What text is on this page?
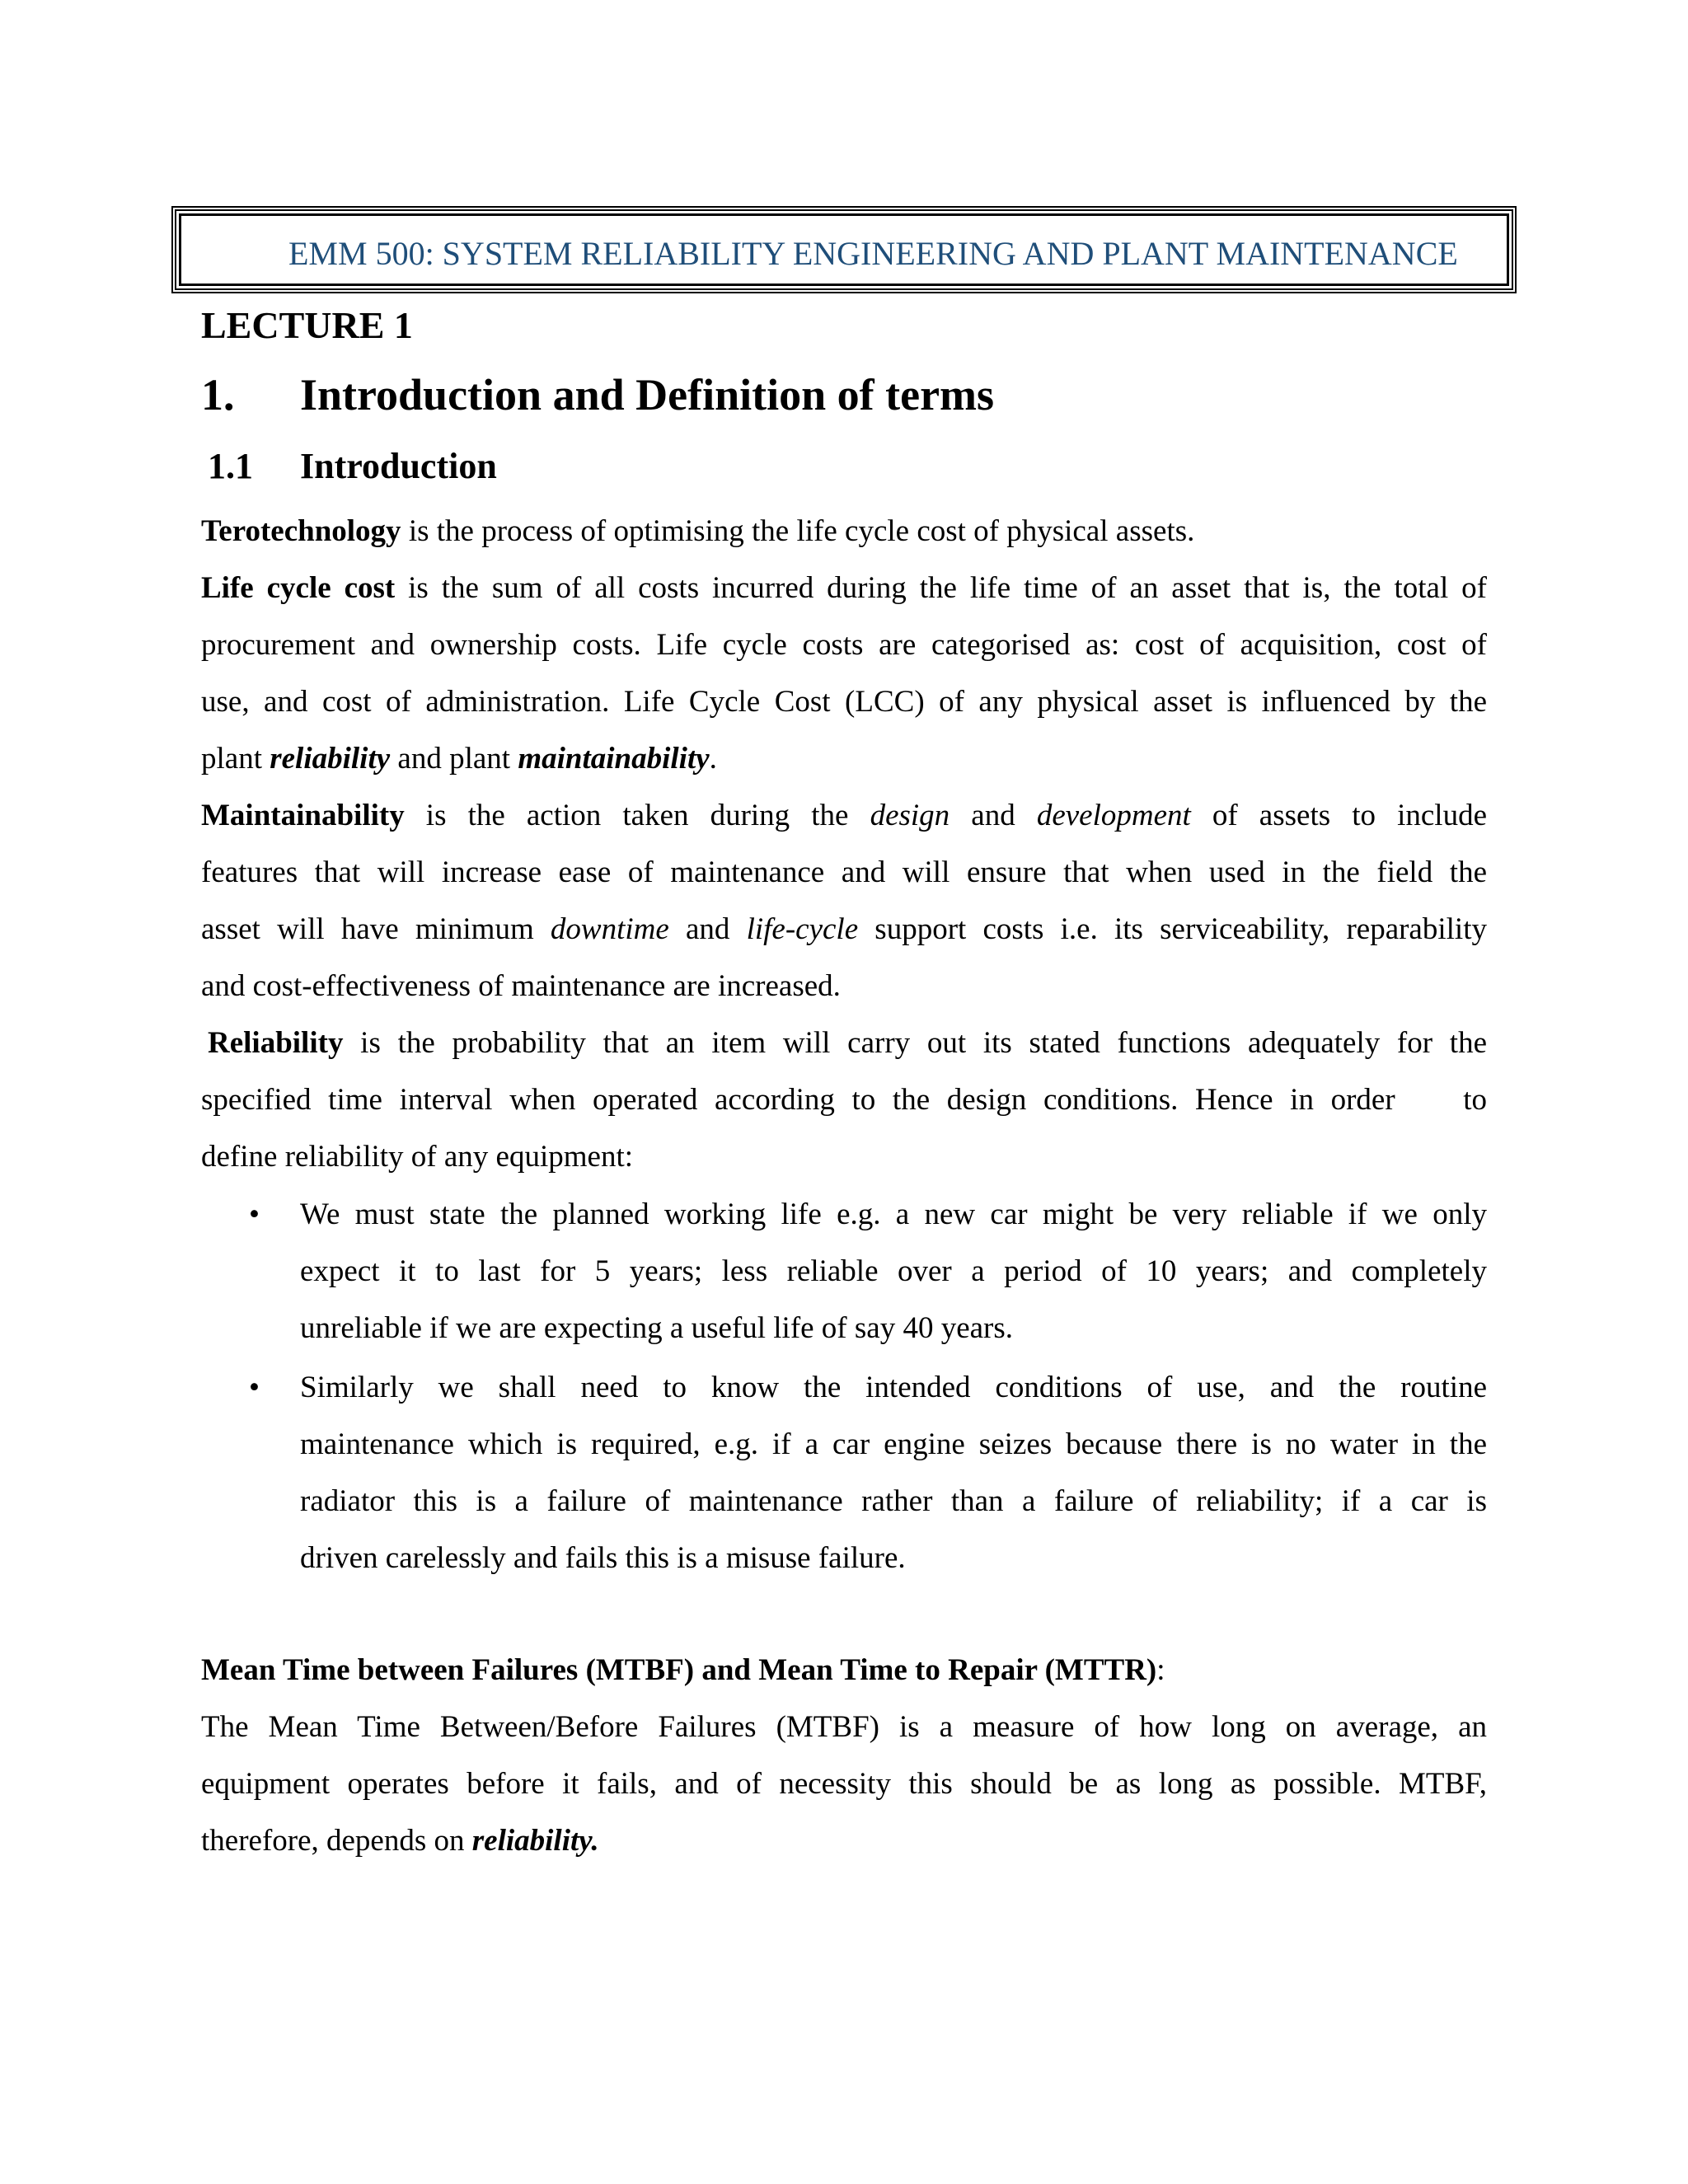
EMM 500: SYSTEM RELIABILITY ENGINEERING AND PLANT MAINTENANCE
LECTURE 1
1. Introduction and Definition of terms
1.1 Introduction
Terotechnology is the process of optimising the life cycle cost of physical assets.
Life cycle cost is the sum of all costs incurred during the life time of an asset that is, the total of
procurement and ownership costs. Life cycle costs are categorised as: cost of acquisition, cost of
use, and cost of administration. Life Cycle Cost (LCC) of any physical asset is influenced by the
plant reliability and plant maintainability.
Maintainability is the action taken during the design and development of assets to include
features that will increase ease of maintenance and will ensure that when used in the field the
asset will have minimum downtime and life-cycle support costs i.e. its serviceability, reparability
and cost-effectiveness of maintenance are increased.
Reliability is the probability that an item will carry out its stated functions adequately for the
specified time interval when operated according to the design conditions. Hence in order    to
define reliability of any equipment:
• We must state the planned working life e.g. a new car might be very reliable if we only
expect it to last for 5 years; less reliable over a period of 10 years; and completely
unreliable if we are expecting a useful life of say 40 years.
• Similarly we shall need to know the intended conditions of use, and the routine
maintenance which is required, e.g. if a car engine seizes because there is no water in the
radiator this is a failure of maintenance rather than a failure of reliability; if a car is
driven carelessly and fails this is a misuse failure.
Mean Time between Failures (MTBF) and Mean Time to Repair (MTTR):
The Mean Time Between/Before Failures (MTBF) is a measure of how long on average, an
equipment operates before it fails, and of necessity this should be as long as possible. MTBF,
therefore, depends on reliability.
